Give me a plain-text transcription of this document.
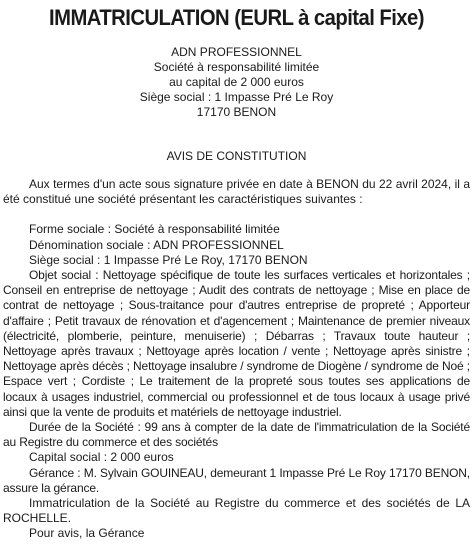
IMMATRICULATION (EURL à capital Fixe)
ADN PROFESSIONNEL
Société à responsabilité limitée
au capital de 2 000 euros
Siège social : 1 Impasse Pré Le Roy
17170 BENON
AVIS DE CONSTITUTION

Aux termes d'un acte sous signature privée en date à BENON du 22 avril 2024, il a été constitué une société présentant les caractéristiques suivantes :

Forme sociale : Société à responsabilité limitée

Dénomination sociale : ADN PROFESSIONNEL

Siège social : 1 Impasse Pré Le Roy, 17170 BENON

Objet social : Nettoyage spécifique de toute les surfaces verticales et horizontales ; Conseil en entreprise de nettoyage ; Audit des contrats de nettoyage ; Mise en place de contrat de nettoyage ; Sous-traitance pour d'autres entreprise de propreté ; Apporteur d'affaire ; Petit travaux de rénovation et d'agencement ; Maintenance de premier niveaux (électricité, plomberie, peinture, menuiserie) ; Débarras ; Travaux toute hauteur ; Nettoyage après travaux ; Nettoyage après location / vente ; Nettoyage après sinistre ; Nettoyage après décès ; Nettoyage insalubre / syndrome de Diogène / syndrome de Noé ; Espace vert ; Cordiste ; Le traitement de la propreté sous toutes ses applications de locaux à usages industriel, commercial ou professionnel et de tous locaux à usage privé ainsi que la vente de produits et matériels de nettoyage industriel.

Durée de la Société : 99 ans à compter de la date de l'immatriculation de la Société au Registre du commerce et des sociétés

Capital social : 2 000 euros

Gérance : M. Sylvain GOUINEAU, demeurant 1 Impasse Pré Le Roy 17170 BENON, assure la gérance.

Immatriculation de la Société au Registre du commerce et des sociétés de LA ROCHELLE.

Pour avis, la Gérance
